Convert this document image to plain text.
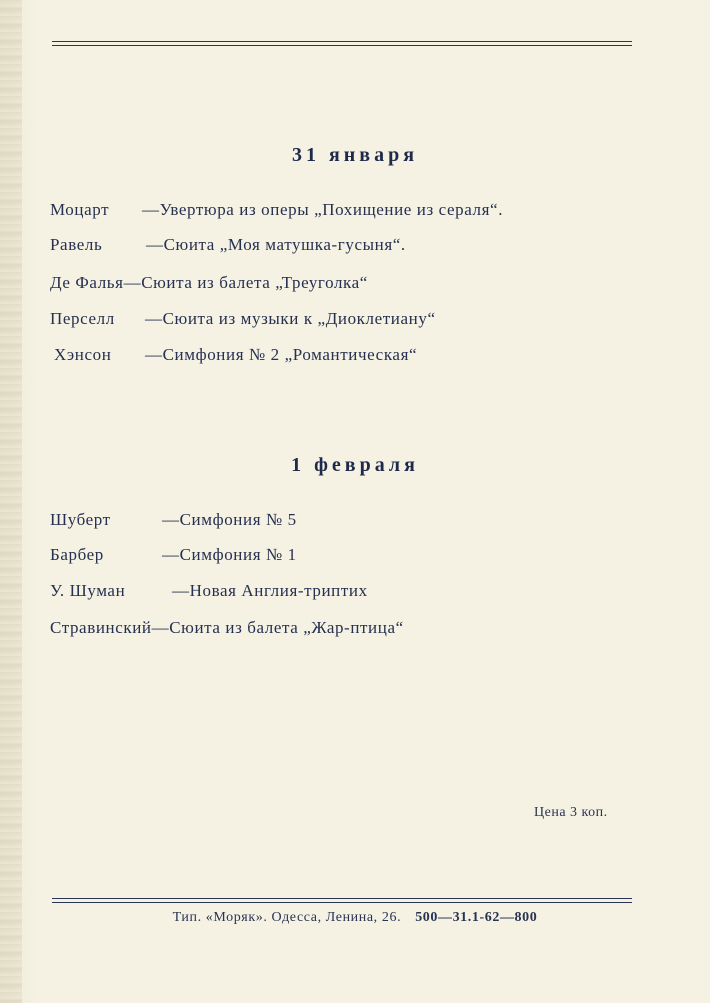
31 января
Моцарт —Увертюра из оперы „Похищение из сераля“.
Равель	—Сюита „Моя матушка-гусыня“.
Де Фалья—Сюита из балета „Треуголка“
Перселл —Сюита из музыки к „Диоклетиану“
Хэнсон —Симфония № 2 „Романтическая“
1 февраля
Шуберт	—Симфония № 5
Барбер	—Симфония № 1
У. Шуман	—Новая Англия-триптих
Стравинский—Сюита из балета „Жар-птица“
Цена 3 коп.
Тип. «Моряк». Одесса, Ленина, 26. 500—31.1-62—800
